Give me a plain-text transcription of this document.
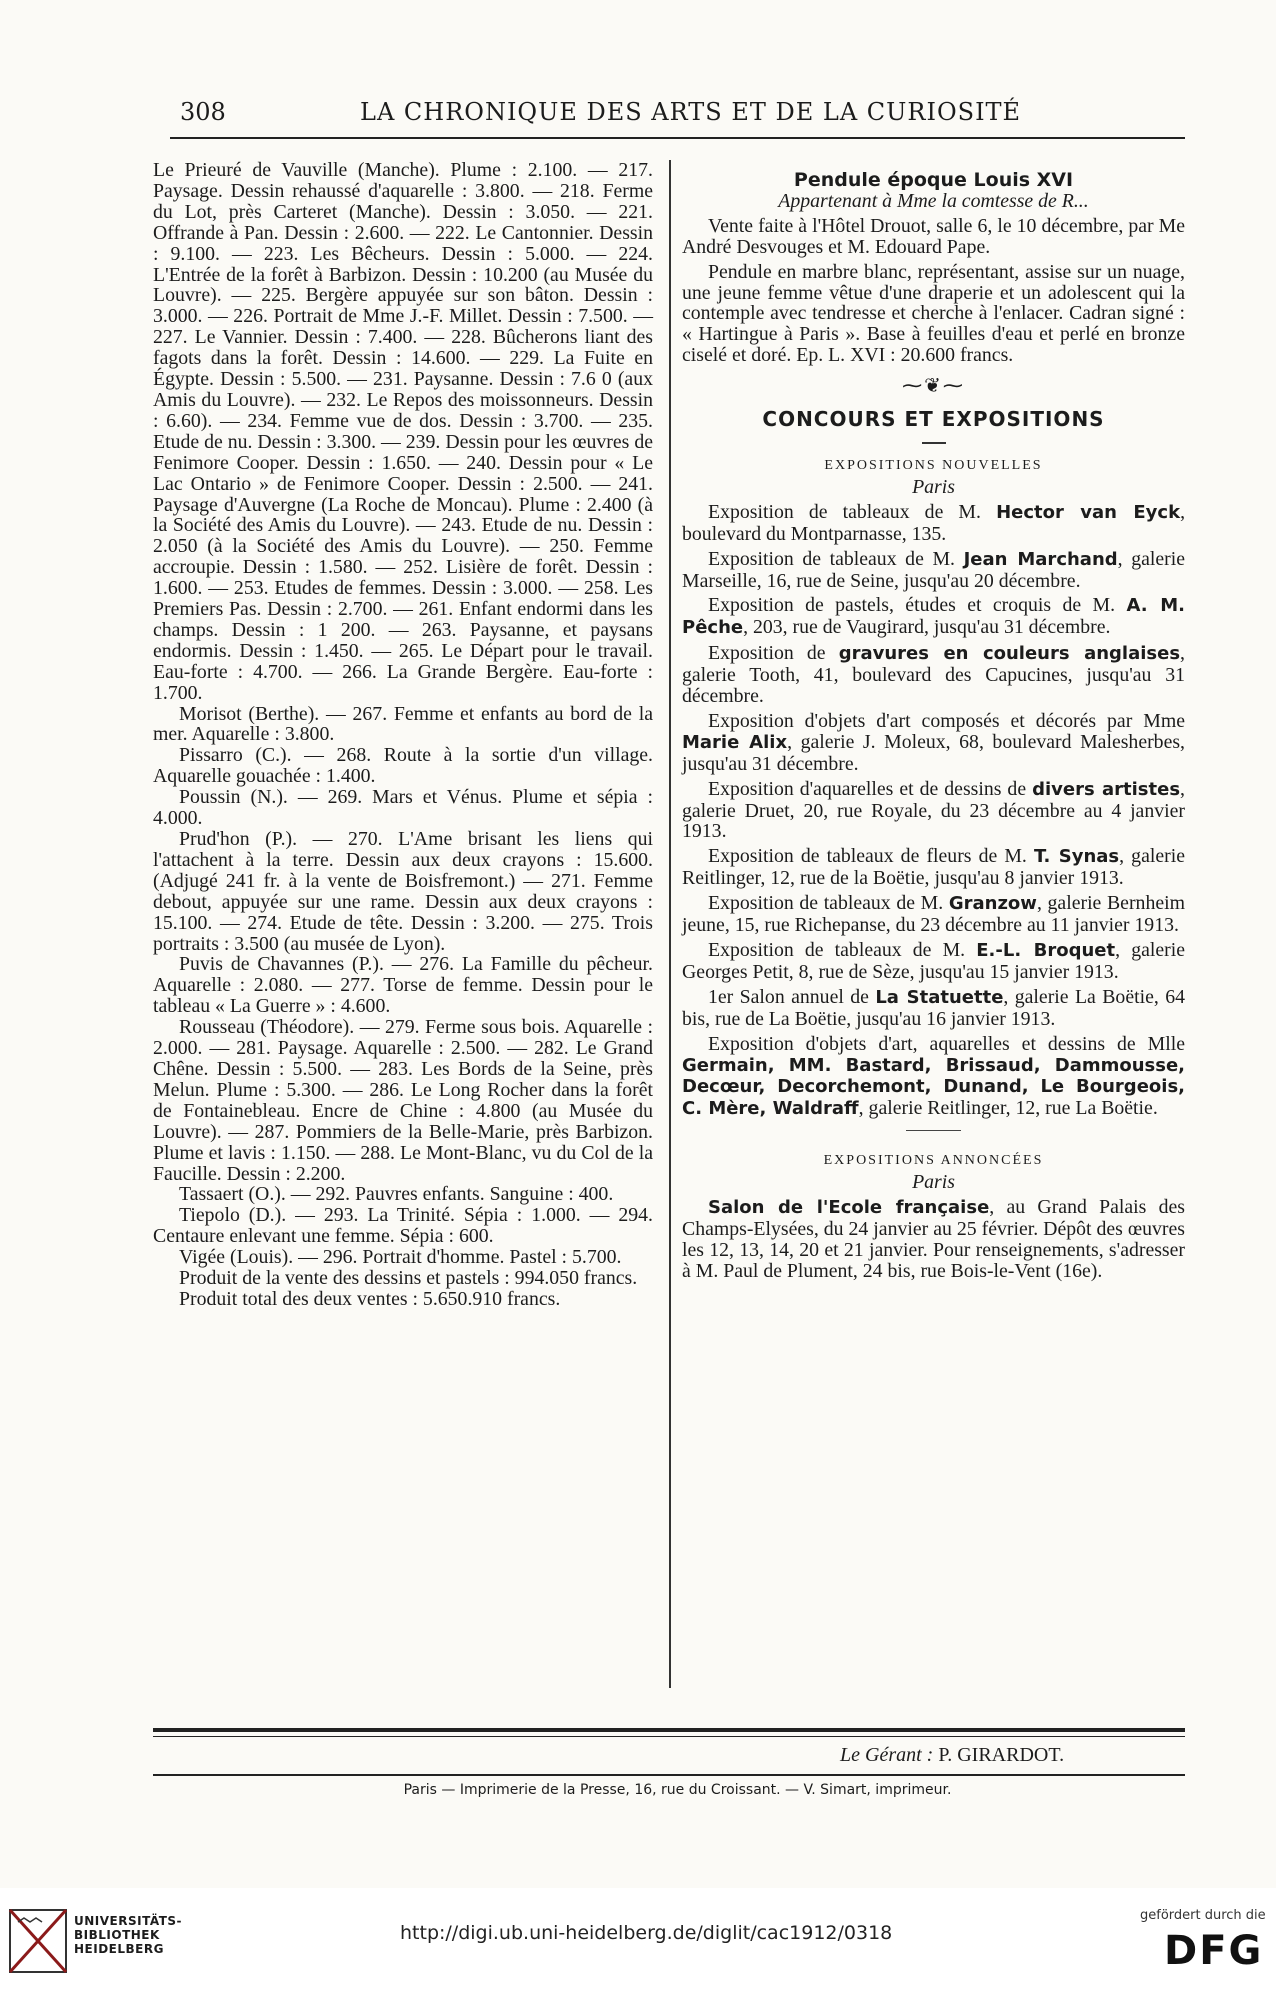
308	LA CHRONIQUE DES ARTS ET DE LA CURIOSITÉ

Le Prieuré de Vauville (Manche). Plume : 2.100. — 217. Paysage. Dessin rehaussé d'aquarelle : 3.800. — 218. Ferme du Lot, près Carteret (Manche). Dessin : 3.050. — 221. Offrande à Pan. Dessin : 2.600. — 222. Le Cantonnier. Dessin : 9.100. — 223. Les Bêcheurs. Dessin : 5.000. — 224. L'Entrée de la forêt à Barbizon. Dessin : 10.200 (au Musée du Louvre). — 225. Bergère appuyée sur son bâton. Dessin : 3.000. — 226. Portrait de Mme J.-F. Millet. Dessin : 7.500. — 227. Le Vannier. Dessin : 7.400. — 228. Bûcherons liant des fagots dans la forêt. Dessin : 14.600. — 229. La Fuite en Égypte. Dessin : 5.500. — 231. Paysanne. Dessin : 7.6 0 (aux Amis du Louvre). — 232. Le Repos des moissonneurs. Dessin : 6.60). — 234. Femme vue de dos. Dessin : 3.700. — 235. Etude de nu. Dessin : 3.300. — 239. Dessin pour les œuvres de Fenimore Cooper. Dessin : 1.650. — 240. Dessin pour « Le Lac Ontario » de Fenimore Cooper. Dessin : 2.500. — 241. Paysage d'Auvergne (La Roche de Moncau). Plume : 2.400 (à la Société des Amis du Louvre). — 243. Etude de nu. Dessin : 2.050 (à la Société des Amis du Louvre). — 250. Femme accroupie. Dessin : 1.580. — 252. Lisière de forêt. Dessin : 1.600. — 253. Etudes de femmes. Dessin : 3.000. — 258. Les Premiers Pas. Dessin : 2.700. — 261. Enfant endormi dans les champs. Dessin : 1 200. — 263. Paysanne, et paysans endormis. Dessin : 1.450. — 265. Le Départ pour le travail. Eau-forte : 4.700. — 266. La Grande Bergère. Eau-forte : 1.700.

Morisot (Berthe). — 267. Femme et enfants au bord de la mer. Aquarelle : 3.800.

Pissarro (C.). — 268. Route à la sortie d'un village. Aquarelle gouachée : 1.400.

Poussin (N.). — 269. Mars et Vénus. Plume et sépia : 4.000.

Prud'hon (P.). — 270. L'Ame brisant les liens qui l'attachent à la terre. Dessin aux deux crayons : 15.600. (Adjugé 241 fr. à la vente de Boisfremont.) — 271. Femme debout, appuyée sur une rame. Dessin aux deux crayons : 15.100. — 274. Etude de tête. Dessin : 3.200. — 275. Trois portraits : 3.500 (au musée de Lyon).

Puvis de Chavannes (P.). — 276. La Famille du pêcheur. Aquarelle : 2.080. — 277. Torse de femme. Dessin pour le tableau « La Guerre » : 4.600.

Rousseau (Théodore). — 279. Ferme sous bois. Aquarelle : 2.000. — 281. Paysage. Aquarelle : 2.500. — 282. Le Grand Chêne. Dessin : 5.500. — 283. Les Bords de la Seine, près Melun. Plume : 5.300. — 286. Le Long Rocher dans la forêt de Fontainebleau. Encre de Chine : 4.800 (au Musée du Louvre). — 287. Pommiers de la Belle-Marie, près Barbizon. Plume et lavis : 1.150. — 288. Le Mont-Blanc, vu du Col de la Faucille. Dessin : 2.200.

Tassaert (O.). — 292. Pauvres enfants. Sanguine : 400.

Tiepolo (D.). — 293. La Trinité. Sépia : 1.000. — 294. Centaure enlevant une femme. Sépia : 600.

Vigée (Louis). — 296. Portrait d'homme. Pastel : 5.700.

Produit de la vente des dessins et pastels : 994.050 francs.

Produit total des deux ventes : 5.650.910 francs.

Pendule époque Louis XVI
Appartenant à Mme la comtesse de R...

Vente faite à l'Hôtel Drouot, salle 6, le 10 décembre, par Me André Desvouges et M. Edouard Pape.

Pendule en marbre blanc, représentant, assise sur un nuage, une jeune femme vêtue d'une draperie et un adolescent qui la contemple avec tendresse et cherche à l'enlacer. Cadran signé : « Hartingue à Paris ». Base à feuilles d'eau et perlé en bronze ciselé et doré. Ep. L. XVI : 20.600 francs.

⁓❦⁓
CONCOURS ET EXPOSITIONS
EXPOSITIONS NOUVELLES
Paris

Exposition de tableaux de M. Hector van Eyck, boulevard du Montparnasse, 135.

Exposition de tableaux de M. Jean Marchand, galerie Marseille, 16, rue de Seine, jusqu'au 20 décembre.

Exposition de pastels, études et croquis de M. A. M. Pêche, 203, rue de Vaugirard, jusqu'au 31 décembre.

Exposition de gravures en couleurs anglaises, galerie Tooth, 41, boulevard des Capucines, jusqu'au 31 décembre.

Exposition d'objets d'art composés et décorés par Mme Marie Alix, galerie J. Moleux, 68, boulevard Malesherbes, jusqu'au 31 décembre.

Exposition d'aquarelles et de dessins de divers artistes, galerie Druet, 20, rue Royale, du 23 décembre au 4 janvier 1913.

Exposition de tableaux de fleurs de M. T. Synas, galerie Reitlinger, 12, rue de la Boëtie, jusqu'au 8 janvier 1913.

Exposition de tableaux de M. Granzow, galerie Bernheim jeune, 15, rue Richepanse, du 23 décembre au 11 janvier 1913.

Exposition de tableaux de M. E.-L. Broquet, galerie Georges Petit, 8, rue de Sèze, jusqu'au 15 janvier 1913.

1er Salon annuel de La Statuette, galerie La Boëtie, 64 bis, rue de La Boëtie, jusqu'au 16 janvier 1913.

Exposition d'objets d'art, aquarelles et dessins de Mlle Germain, MM. Bastard, Brissaud, Dammousse, Decœur, Decorchemont, Dunand, Le Bourgeois, C. Mère, Waldraff, galerie Reitlinger, 12, rue La Boëtie.

EXPOSITIONS ANNONCÉES
Paris

Salon de l'Ecole française, au Grand Palais des Champs-Elysées, du 24 janvier au 25 février. Dépôt des œuvres les 12, 13, 14, 20 et 21 janvier. Pour renseignements, s'adresser à M. Paul de Plument, 24 bis, rue Bois-le-Vent (16e).

Le Gérant : P. GIRARDOT.
Paris — Imprimerie de la Presse, 16, rue du Croissant. — V. Simart, imprimeur.
UNIVERSITÄTS-
BIBLIOTHEK
HEIDELBERG
http://digi.ub.uni-heidelberg.de/diglit/cac1912/0318
gefördert durch die
DFG
